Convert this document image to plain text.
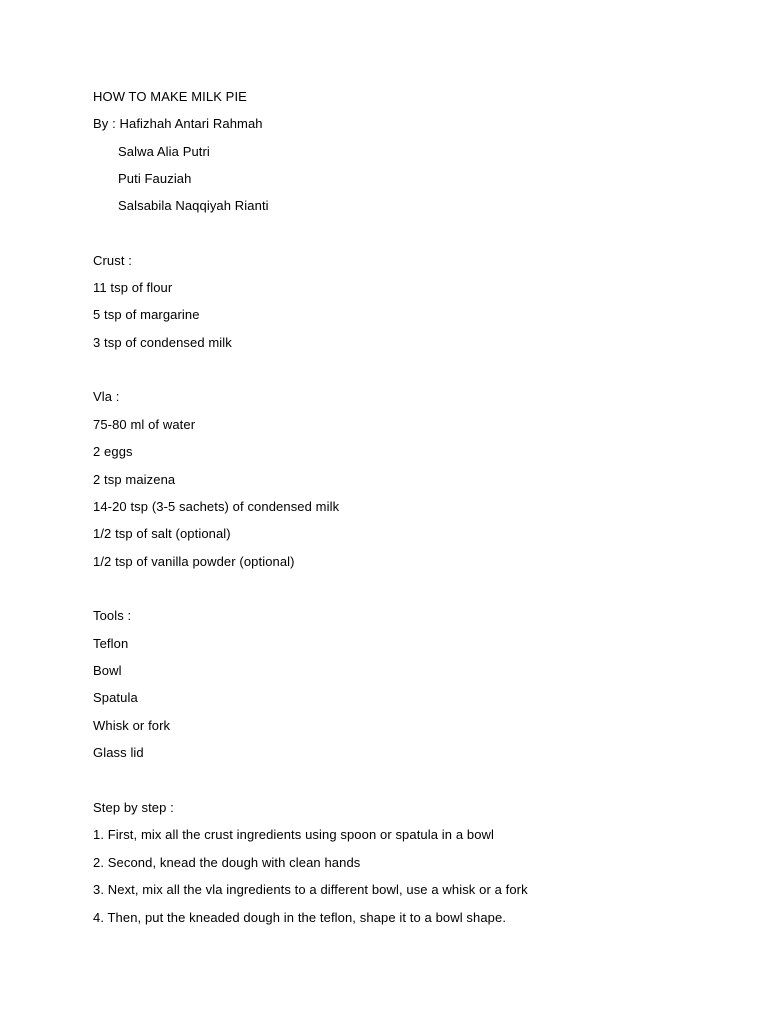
HOW TO MAKE MILK PIE
By : Hafizhah Antari Rahmah
Salwa Alia Putri
Puti Fauziah
Salsabila Naqqiyah Rianti
Crust :
11 tsp of flour
5 tsp of margarine
3 tsp of condensed milk
Vla :
75-80 ml of water
2 eggs
2 tsp maizena
14-20 tsp (3-5 sachets) of condensed milk
1/2 tsp of salt (optional)
1/2 tsp of vanilla powder (optional)
Tools :
Teflon
Bowl
Spatula
Whisk or fork
Glass lid
Step by step :
1. First, mix all the crust ingredients using spoon or spatula in a bowl
2. Second, knead the dough with clean hands
3. Next, mix all the vla ingredients to a different bowl, use a whisk or a fork
4. Then, put the kneaded dough in the teflon, shape it to a bowl shape.
